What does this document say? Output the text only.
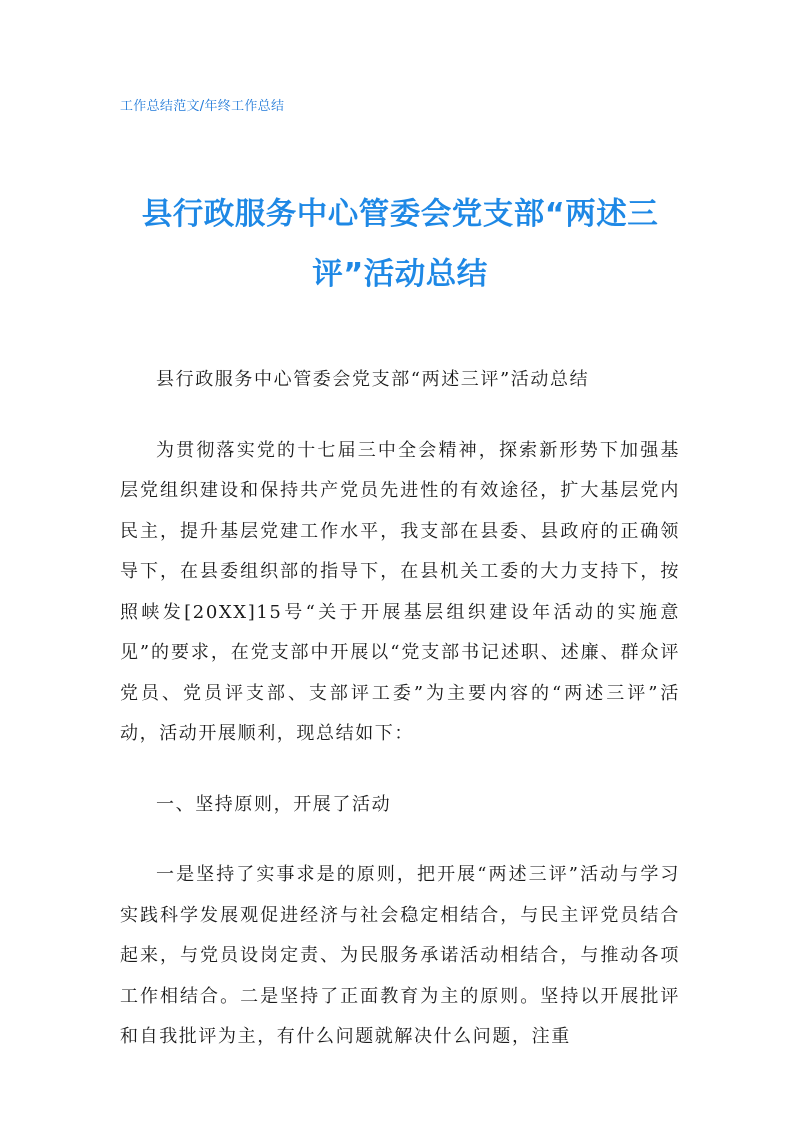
工作总结范文/年终工作总结
县行政服务中心管委会党支部“两述三评”活动总结

县行政服务中心管委会党支部“两述三评”活动总结

为贯彻落实党的十七届三中全会精神，探索新形势下加强基层党组织建设和保持共产党员先进性的有效途径，扩大基层党内民主，提升基层党建工作水平，我支部在县委、县政府的正确领导下，在县委组织部的指导下，在县机关工委的大力支持下，按照峡发[20XX]15号“关于开展基层组织建设年活动的实施意见”的要求，在党支部中开展以“党支部书记述职、述廉、群众评党员、党员评支部、支部评工委”为主要内容的“两述三评”活动，活动开展顺利，现总结如下：

一、坚持原则，开展了活动

一是坚持了实事求是的原则，把开展“两述三评”活动与学习实践科学发展观促进经济与社会稳定相结合，与民主评党员结合起来，与党员设岗定责、为民服务承诺活动相结合，与推动各项工作相结合。二是坚持了正面教育为主的原则。坚持以开展批评和自我批评为主，有什么问题就解决什么问题，注重
